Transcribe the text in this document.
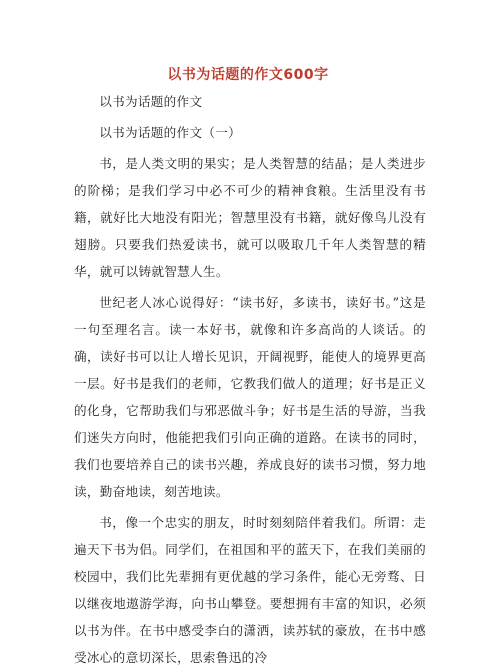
以书为话题的作文600字

以书为话题的作文

以书为话题的作文（一）

书，是人类文明的果实；是人类智慧的结晶；是人类进步的阶梯；是我们学习中必不可少的精神食粮。生活里没有书籍，就好比大地没有阳光；智慧里没有书籍，就好像鸟儿没有翅膀。只要我们热爱读书，就可以吸取几千年人类智慧的精华，就可以铸就智慧人生。

世纪老人冰心说得好：“读书好，多读书，读好书。”这是一句至理名言。读一本好书，就像和许多高尚的人谈话。的确，读好书可以让人增长见识，开阔视野，能使人的境界更高一层。好书是我们的老师，它教我们做人的道理；好书是正义的化身，它帮助我们与邪恶做斗争；好书是生活的导游，当我们迷失方向时，他能把我们引向正确的道路。在读书的同时，我们也要培养自己的读书兴趣，养成良好的读书习惯，努力地读，勤奋地读，刻苦地读。

书，像一个忠实的朋友，时时刻刻陪伴着我们。所谓：走遍天下书为侣。同学们，在祖国和平的蓝天下，在我们美丽的校园中，我们比先辈拥有更优越的学习条件，能心无旁骛、日以继夜地遨游学海，向书山攀登。要想拥有丰富的知识，必须以书为伴。在书中感受李白的潇洒，读苏轼的豪放，在书中感受冰心的意切深长，思索鲁迅的冷
